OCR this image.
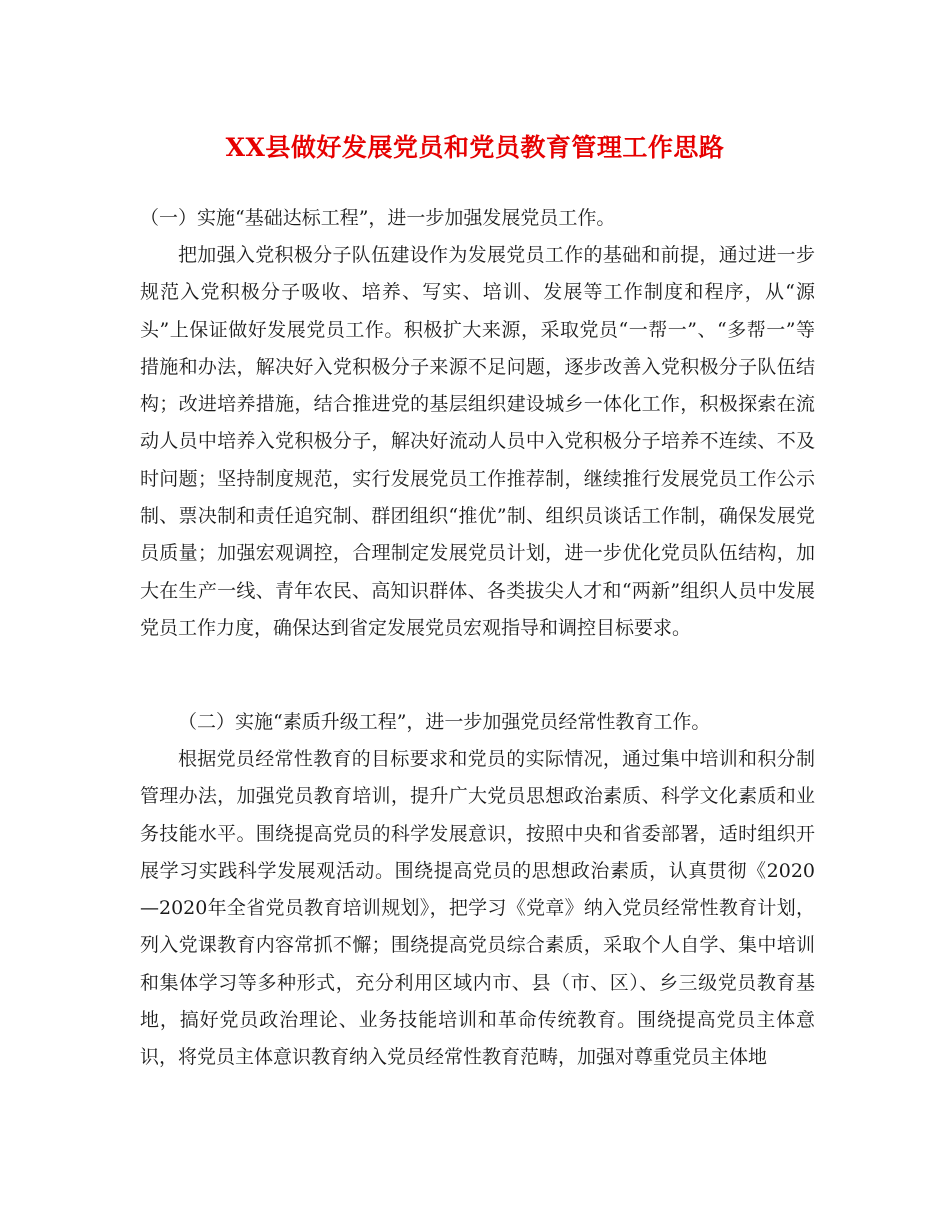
XX县做好发展党员和党员教育管理工作思路
（一）实施“基础达标工程”，进一步加强发展党员工作。
把加强入党积极分子队伍建设作为发展党员工作的基础和前提，通过进一步规范入党积极分子吸收、培养、写实、培训、发展等工作制度和程序，从“源头”上保证做好发展党员工作。积极扩大来源，采取党员“一帮一”、“多帮一”等措施和办法，解决好入党积极分子来源不足问题，逐步改善入党积极分子队伍结构；改进培养措施，结合推进党的基层组织建设城乡一体化工作，积极探索在流动人员中培养入党积极分子，解决好流动人员中入党积极分子培养不连续、不及时问题；坚持制度规范，实行发展党员工作推荐制，继续推行发展党员工作公示制、票决制和责任追究制、群团组织“推优”制、组织员谈话工作制，确保发展党员质量；加强宏观调控，合理制定发展党员计划，进一步优化党员队伍结构，加大在生产一线、青年农民、高知识群体、各类拔尖人才和“两新”组织人员中发展党员工作力度，确保达到省定发展党员宏观指导和调控目标要求。
（二）实施“素质升级工程”，进一步加强党员经常性教育工作。
根据党员经常性教育的目标要求和党员的实际情况，通过集中培训和积分制管理办法，加强党员教育培训，提升广大党员思想政治素质、科学文化素质和业务技能水平。围绕提高党员的科学发展意识，按照中央和省委部署，适时组织开展学习实践科学发展观活动。围绕提高党员的思想政治素质，认真贯彻《2020—2020年全省党员教育培训规划》，把学习《党章》纳入党员经常性教育计划，列入党课教育内容常抓不懈；围绕提高党员综合素质，采取个人自学、集中培训和集体学习等多种形式，充分利用区域内市、县（市、区）、乡三级党员教育基地，搞好党员政治理论、业务技能培训和革命传统教育。围绕提高党员主体意识，将党员主体意识教育纳入党员经常性教育范畴，加强对尊重党员主体地
